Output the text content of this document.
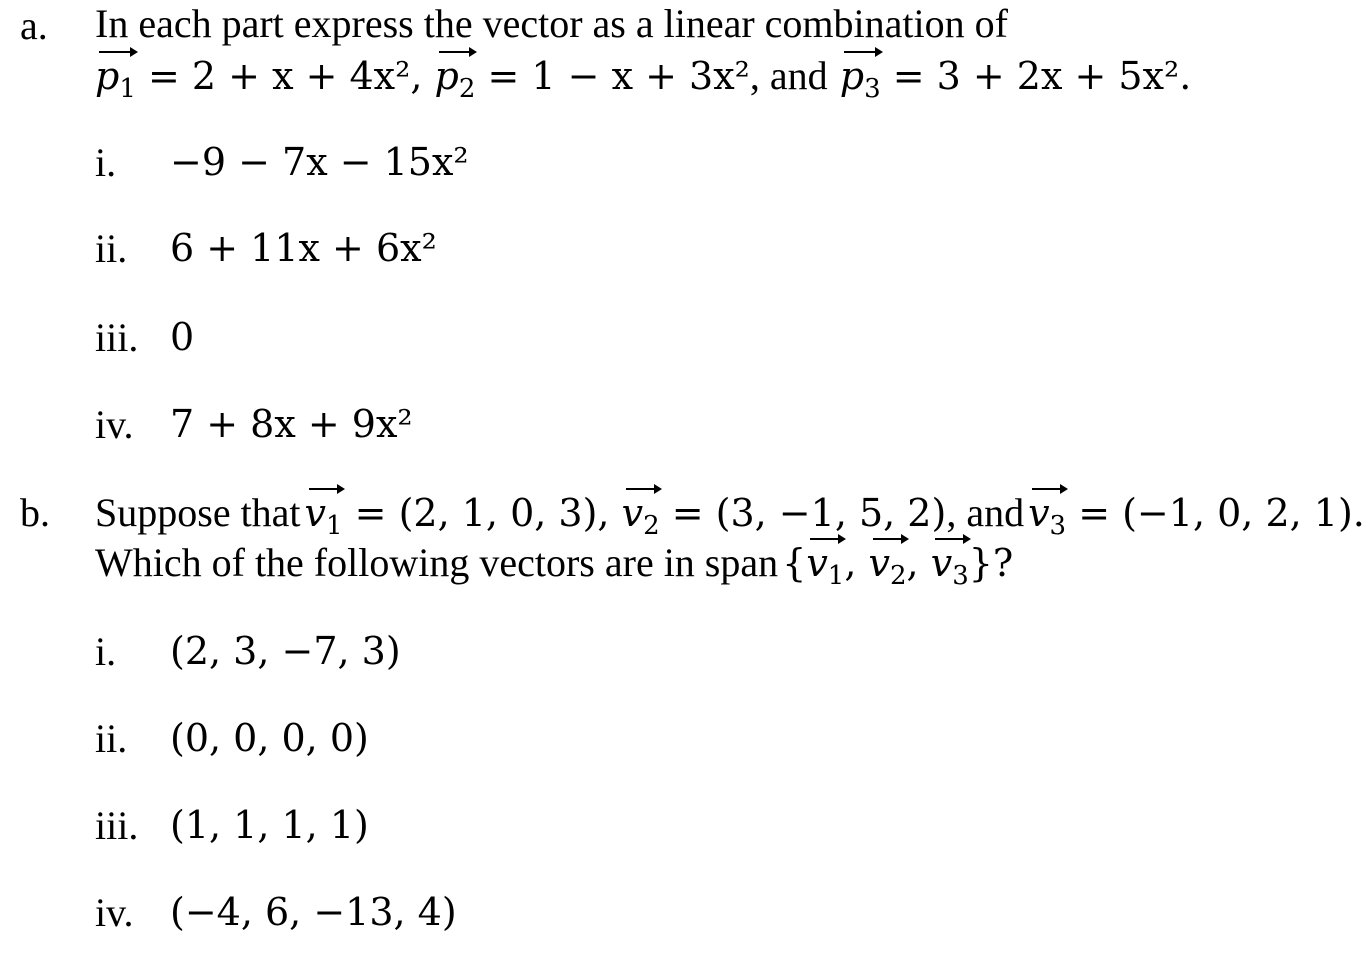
a. In each part express the vector as a linear combination of
$p_1 = 2 + x + 4x^2$, $p_2 = 1 - x + 3x^2$, and $p_3 = 3 + 2x + 5x^2$.
i. −9 − 7x − 15x²
ii. 6 + 11x + 6x²
iii. 0
iv. 7 + 8x + 9x²
b. Suppose that $v_1 = (2$, 1, 0, 3), $v_2 = (3$, −1, 5, 2), and $v_3 = (-1$, 0, 2, 1).
Which of the following vectors are in span {$v_1$, $v_2$, $v_3$}?
i. (2, 3, −7, 3)
ii. (0, 0, 0, 0)
iii. (1, 1, 1, 1)
iv. (−4, 6, −13, 4)
